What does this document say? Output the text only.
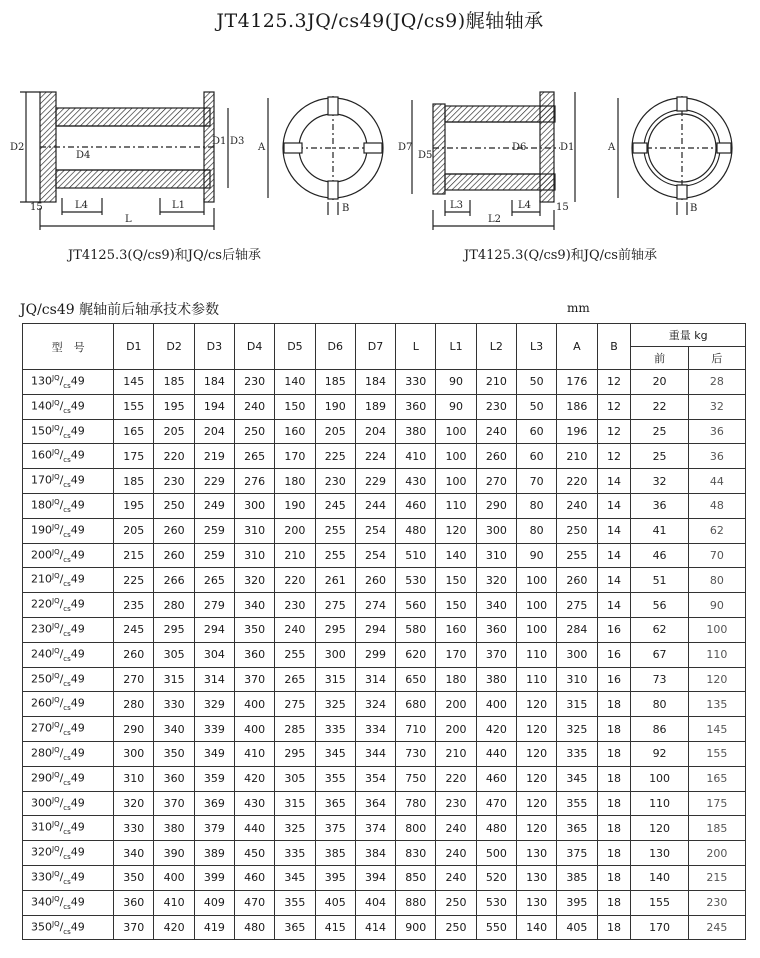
JT4125.3JQ/cs49(JQ/cs9)艉轴轴承
D2
D4
D1 D3
15	L4	L1
L
A
B
D7
D5
D6	D1
L3	L4 15
L2
A
B
JT4125.3(Q/cs9)和JQ/cs后轴承	JT4125.3(Q/cs9)和JQ/cs前轴承
JQ/cs49 艉轴前后轴承技术参数	mm
型　号	D1	D2	D3	D4	D5	D6	D7	L	L1	L2	L3	A	B	重量 kg	
														前	后
$130^{JQ}/_{cs}49$	145	185	184	230	140	185	184	330	90	210	50	176	12	20	28
$140^{JQ}/_{cs}49$	155	195	194	240	150	190	189	360	90	230	50	186	12	22	32
$150^{JQ}/_{cs}49$	165	205	204	250	160	205	204	380	100	240	60	196	12	25	36
$160^{JQ}/_{cs}49$	175	220	219	265	170	225	224	410	100	260	60	210	12	25	36
$170^{JQ}/_{cs}49$	185	230	229	276	180	230	229	430	100	270	70	220	14	32	44
$180^{JQ}/_{cs}49$	195	250	249	300	190	245	244	460	110	290	80	240	14	36	48
$190^{JQ}/_{cs}49$	205	260	259	310	200	255	254	480	120	300	80	250	14	41	62
$200^{JQ}/_{cs}49$	215	260	259	310	210	255	254	510	140	310	90	255	14	46	70
$210^{JQ}/_{cs}49$	225	266	265	320	220	261	260	530	150	320	100	260	14	51	80
$220^{JQ}/_{cs}49$	235	280	279	340	230	275	274	560	150	340	100	275	14	56	90
$230^{JQ}/_{cs}49$	245	295	294	350	240	295	294	580	160	360	100	284	16	62	100
$240^{JQ}/_{cs}49$	260	305	304	360	255	300	299	620	170	370	110	300	16	67	110
$250^{JQ}/_{cs}49$	270	315	314	370	265	315	314	650	180	380	110	310	16	73	120
$260^{JQ}/_{cs}49$	280	330	329	400	275	325	324	680	200	400	120	315	18	80	135
$270^{JQ}/_{cs}49$	290	340	339	400	285	335	334	710	200	420	120	325	18	86	145
$280^{JQ}/_{cs}49$	300	350	349	410	295	345	344	730	210	440	120	335	18	92	155
$290^{JQ}/_{cs}49$	310	360	359	420	305	355	354	750	220	460	120	345	18	100	165
$300^{JQ}/_{cs}49$	320	370	369	430	315	365	364	780	230	470	120	355	18	110	175
$310^{JQ}/_{cs}49$	330	380	379	440	325	375	374	800	240	480	120	365	18	120	185
$320^{JQ}/_{cs}49$	340	390	389	450	335	385	384	830	240	500	130	375	18	130	200
$330^{JQ}/_{cs}49$	350	400	399	460	345	395	394	850	240	520	130	385	18	140	215
$340^{JQ}/_{cs}49$	360	410	409	470	355	405	404	880	250	530	130	395	18	155	230
$350^{JQ}/_{cs}49$	370	420	419	480	365	415	414	900	250	550	140	405	18	170	245
